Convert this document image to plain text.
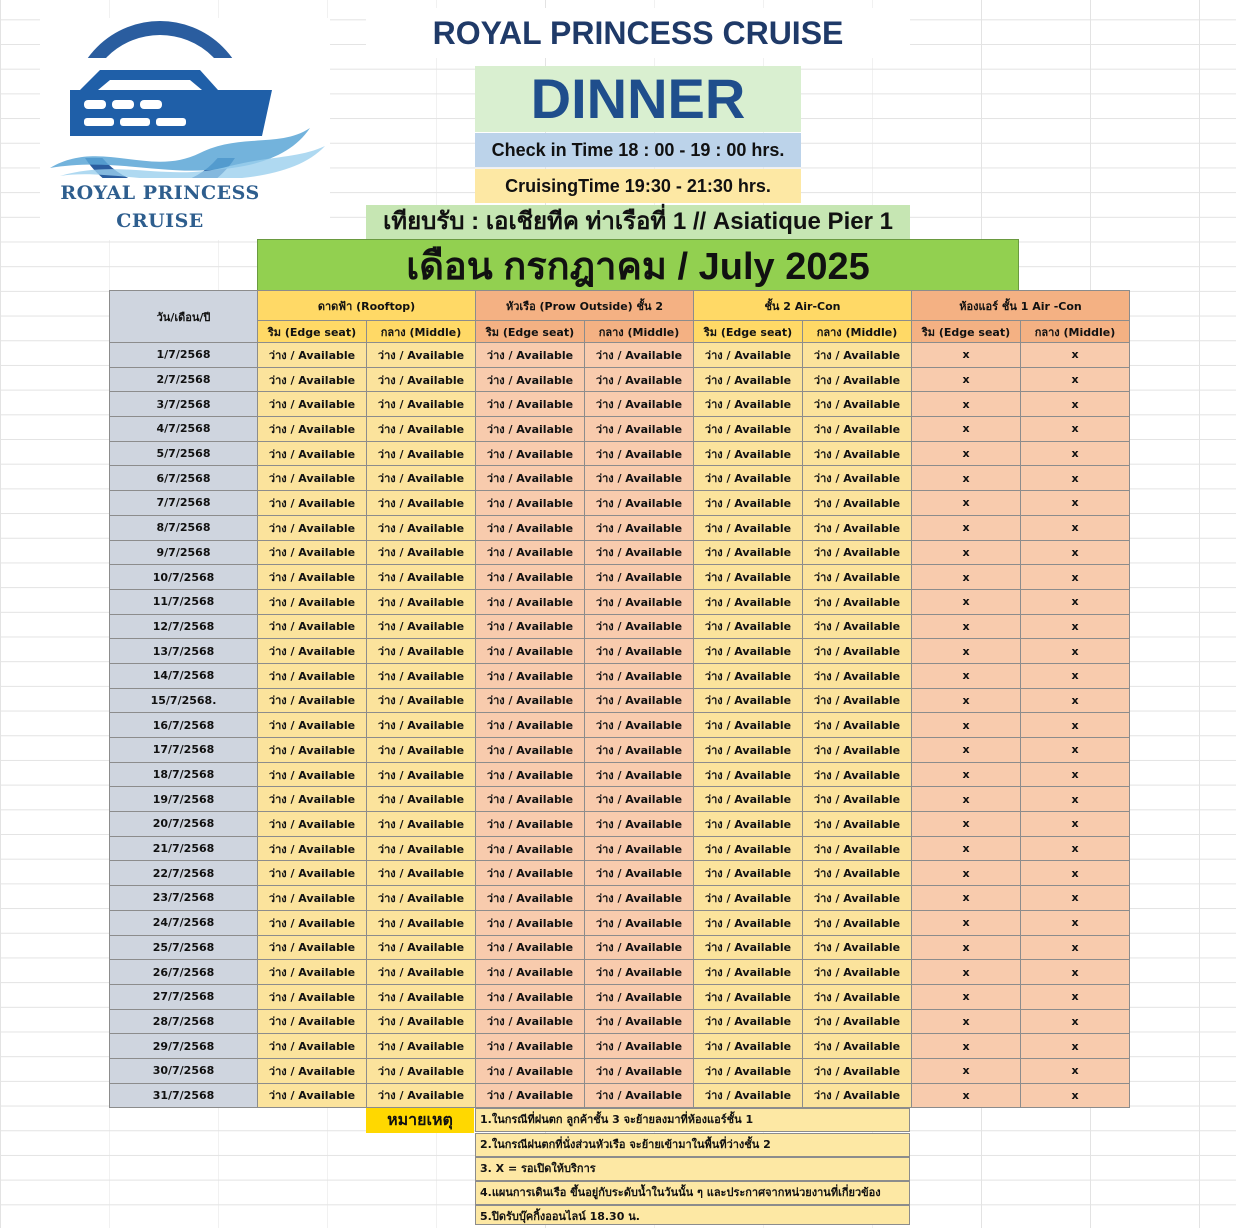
ROYAL PRINCESS
CRUISE
ROYAL PRINCESS CRUISE
DINNER
Check in Time 18 : 00 - 19 : 00 hrs.
CruisingTime 19:30 - 21:30 hrs.
เทียบรับ : เอเชียทีค ท่าเรือที่ 1 // Asiatique Pier 1
เดือน กรกฎาคม / July 2025
วัน/เดือน/ปี	ดาดฟ้า (Rooftop)		หัวเรือ (Prow Outside) ชั้น 2		ชั้น 2 Air-Con		ห้องแอร์ ชั้น 1 Air -Con	
	ริม (Edge seat)	กลาง (Middle)	ริม (Edge seat)	กลาง (Middle)	ริม (Edge seat)	กลาง (Middle)	ริม (Edge seat)	กลาง (Middle)
1/7/2568	ว่าง / Available	ว่าง / Available	ว่าง / Available	ว่าง / Available	ว่าง / Available	ว่าง / Available	x	x
2/7/2568	ว่าง / Available	ว่าง / Available	ว่าง / Available	ว่าง / Available	ว่าง / Available	ว่าง / Available	x	x
3/7/2568	ว่าง / Available	ว่าง / Available	ว่าง / Available	ว่าง / Available	ว่าง / Available	ว่าง / Available	x	x
4/7/2568	ว่าง / Available	ว่าง / Available	ว่าง / Available	ว่าง / Available	ว่าง / Available	ว่าง / Available	x	x
5/7/2568	ว่าง / Available	ว่าง / Available	ว่าง / Available	ว่าง / Available	ว่าง / Available	ว่าง / Available	x	x
6/7/2568	ว่าง / Available	ว่าง / Available	ว่าง / Available	ว่าง / Available	ว่าง / Available	ว่าง / Available	x	x
7/7/2568	ว่าง / Available	ว่าง / Available	ว่าง / Available	ว่าง / Available	ว่าง / Available	ว่าง / Available	x	x
8/7/2568	ว่าง / Available	ว่าง / Available	ว่าง / Available	ว่าง / Available	ว่าง / Available	ว่าง / Available	x	x
9/7/2568	ว่าง / Available	ว่าง / Available	ว่าง / Available	ว่าง / Available	ว่าง / Available	ว่าง / Available	x	x
10/7/2568	ว่าง / Available	ว่าง / Available	ว่าง / Available	ว่าง / Available	ว่าง / Available	ว่าง / Available	x	x
11/7/2568	ว่าง / Available	ว่าง / Available	ว่าง / Available	ว่าง / Available	ว่าง / Available	ว่าง / Available	x	x
12/7/2568	ว่าง / Available	ว่าง / Available	ว่าง / Available	ว่าง / Available	ว่าง / Available	ว่าง / Available	x	x
13/7/2568	ว่าง / Available	ว่าง / Available	ว่าง / Available	ว่าง / Available	ว่าง / Available	ว่าง / Available	x	x
14/7/2568	ว่าง / Available	ว่าง / Available	ว่าง / Available	ว่าง / Available	ว่าง / Available	ว่าง / Available	x	x
15/7/2568.	ว่าง / Available	ว่าง / Available	ว่าง / Available	ว่าง / Available	ว่าง / Available	ว่าง / Available	x	x
16/7/2568	ว่าง / Available	ว่าง / Available	ว่าง / Available	ว่าง / Available	ว่าง / Available	ว่าง / Available	x	x
17/7/2568	ว่าง / Available	ว่าง / Available	ว่าง / Available	ว่าง / Available	ว่าง / Available	ว่าง / Available	x	x
18/7/2568	ว่าง / Available	ว่าง / Available	ว่าง / Available	ว่าง / Available	ว่าง / Available	ว่าง / Available	x	x
19/7/2568	ว่าง / Available	ว่าง / Available	ว่าง / Available	ว่าง / Available	ว่าง / Available	ว่าง / Available	x	x
20/7/2568	ว่าง / Available	ว่าง / Available	ว่าง / Available	ว่าง / Available	ว่าง / Available	ว่าง / Available	x	x
21/7/2568	ว่าง / Available	ว่าง / Available	ว่าง / Available	ว่าง / Available	ว่าง / Available	ว่าง / Available	x	x
22/7/2568	ว่าง / Available	ว่าง / Available	ว่าง / Available	ว่าง / Available	ว่าง / Available	ว่าง / Available	x	x
23/7/2568	ว่าง / Available	ว่าง / Available	ว่าง / Available	ว่าง / Available	ว่าง / Available	ว่าง / Available	x	x
24/7/2568	ว่าง / Available	ว่าง / Available	ว่าง / Available	ว่าง / Available	ว่าง / Available	ว่าง / Available	x	x
25/7/2568	ว่าง / Available	ว่าง / Available	ว่าง / Available	ว่าง / Available	ว่าง / Available	ว่าง / Available	x	x
26/7/2568	ว่าง / Available	ว่าง / Available	ว่าง / Available	ว่าง / Available	ว่าง / Available	ว่าง / Available	x	x
27/7/2568	ว่าง / Available	ว่าง / Available	ว่าง / Available	ว่าง / Available	ว่าง / Available	ว่าง / Available	x	x
28/7/2568	ว่าง / Available	ว่าง / Available	ว่าง / Available	ว่าง / Available	ว่าง / Available	ว่าง / Available	x	x
29/7/2568	ว่าง / Available	ว่าง / Available	ว่าง / Available	ว่าง / Available	ว่าง / Available	ว่าง / Available	x	x
30/7/2568	ว่าง / Available	ว่าง / Available	ว่าง / Available	ว่าง / Available	ว่าง / Available	ว่าง / Available	x	x
31/7/2568	ว่าง / Available	ว่าง / Available	ว่าง / Available	ว่าง / Available	ว่าง / Available	ว่าง / Available	x	x
หมายเหตุ	1.ในกรณีที่ฝนตก ลูกค้าชั้น 3 จะย้ายลงมาที่ห้องแอร์ชั้น 1
2.ในกรณีฝนตกที่นั่งส่วนหัวเรือ จะย้ายเข้ามาในพื้นที่ว่างชั้น 2
3. X = รอเปิดให้บริการ
4.แผนการเดินเรือ ขึ้นอยู่กับระดับน้ำในวันนั้น ๆ และประกาศจากหน่วยงานที่เกี่ยวข้อง
5.ปิดรับบุ๊คกิ้งออนไลน์ 18.30 น.
